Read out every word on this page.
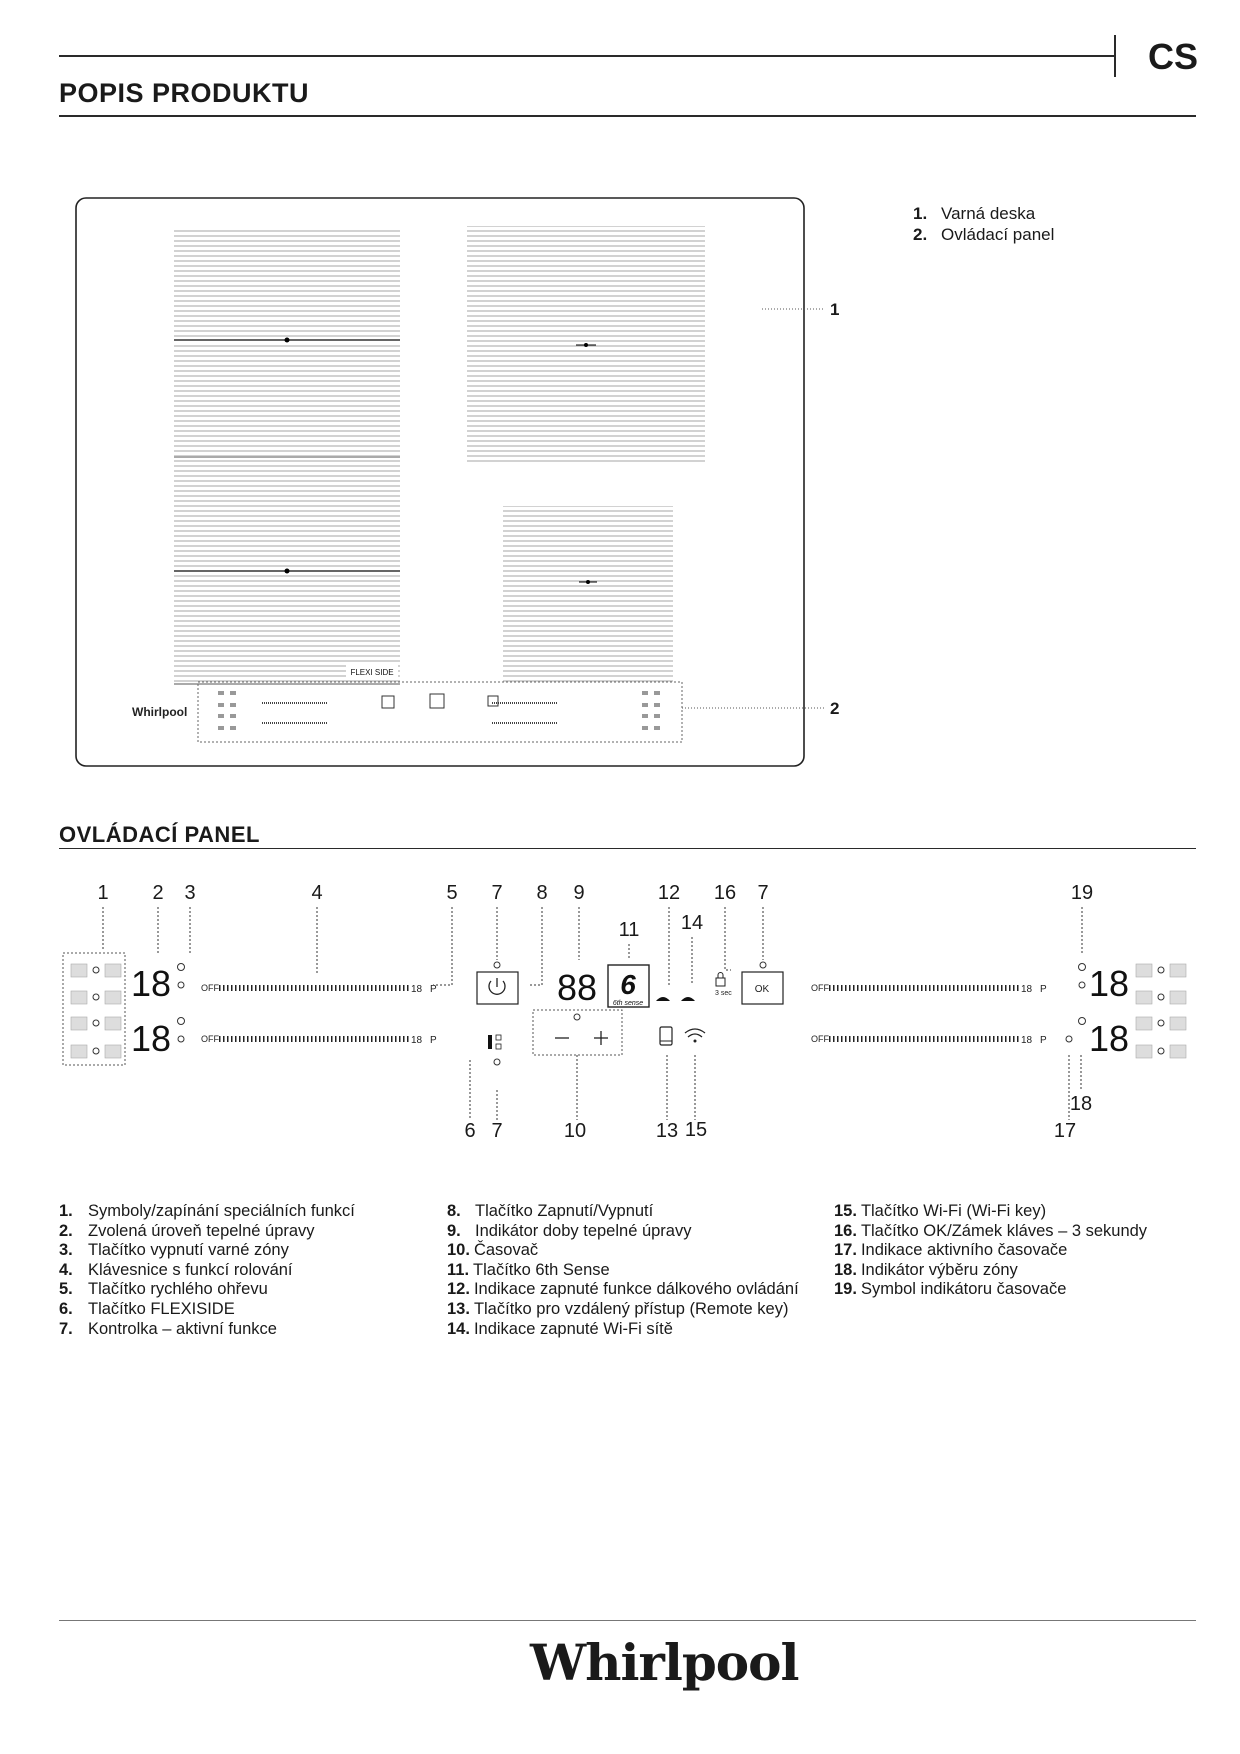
CS
POPIS PRODUKTU
FLEXI SIDE
Whirlpool
1
2
1. Varná deska
2. Ovládací panel
OVLÁDACÍ PANEL
1 2 3	4	5 7 8 9
11
12
14
16 7	19
6 7	10	13 15
18
17
18
18
OFF	18 P
OFF	18 P
88 6
6th sense
3 sec OK	OFF	18 P
OFF	18 P
18
18
1. Symboly/zapínání speciálních funkcí
2. Zvolená úroveň tepelné úpravy
3. Tlačítko vypnutí varné zóny
4. Klávesnice s funkcí rolování
5. Tlačítko rychlého ohřevu
6. Tlačítko FLEXISIDE
7. Kontrolka – aktivní funkce
8. Tlačítko Zapnutí/Vypnutí
9. Indikátor doby tepelné úpravy
10. Časovač
11. Tlačítko 6th Sense
12. Indikace zapnuté funkce dálkového ovládání
13. Tlačítko pro vzdálený přístup (Remote key)
14. Indikace zapnuté Wi-Fi sítě
15. Tlačítko Wi-Fi (Wi-Fi key)
16. Tlačítko OK/Zámek kláves – 3 sekundy
17. Indikace aktivního časovače
18. Indikátor výběru zóny
19. Symbol indikátoru časovače
Whirlpool
